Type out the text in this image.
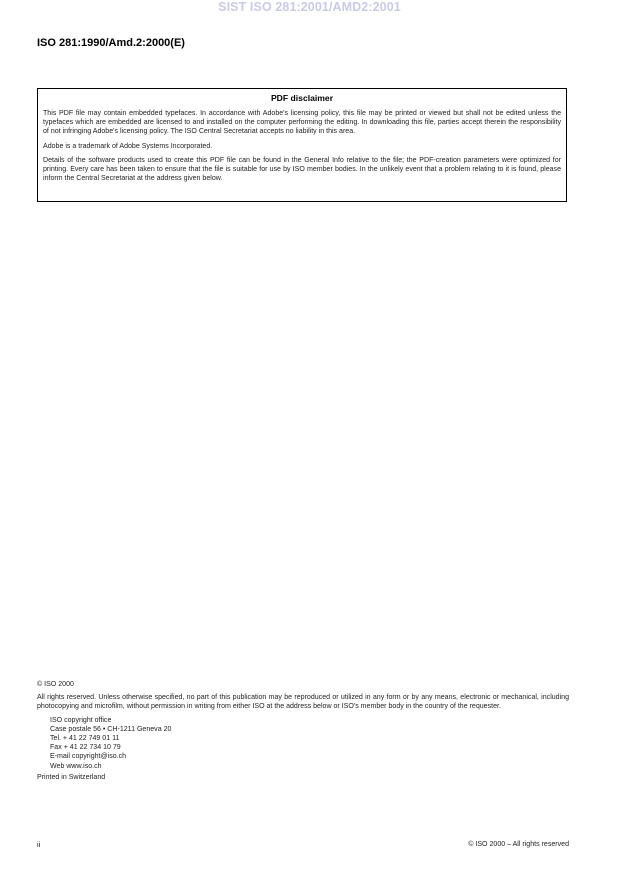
SIST ISO 281:2001/AMD2:2001
ISO 281:1990/Amd.2:2000(E)
PDF disclaimer

This PDF file may contain embedded typefaces. In accordance with Adobe's licensing policy, this file may be printed or viewed but shall not be edited unless the typefaces which are embedded are licensed to and installed on the computer performing the editing. In downloading this file, parties accept therein the responsibility of not infringing Adobe's licensing policy. The ISO Central Secretariat accepts no liability in this area.

Adobe is a trademark of Adobe Systems Incorporated.

Details of the software products used to create this PDF file can be found in the General Info relative to the file; the PDF-creation parameters were optimized for printing. Every care has been taken to ensure that the file is suitable for use by ISO member bodies. In the unlikely event that a problem relating to it is found, please inform the Central Secretariat at the address given below.

© ISO 2000

All rights reserved. Unless otherwise specified, no part of this publication may be reproduced or utilized in any form or by any means, electronic or mechanical, including photocopying and microfilm, without permission in writing from either ISO at the address below or ISO's member body in the country of the requester.

ISO copyright office
Case postale 56 • CH-1211 Geneva 20
Tel. + 41 22 749 01 11
Fax + 41 22 734 10 79
E-mail copyright@iso.ch
Web www.iso.ch
Printed in Switzerland
ii	© ISO 2000 – All rights reserved
